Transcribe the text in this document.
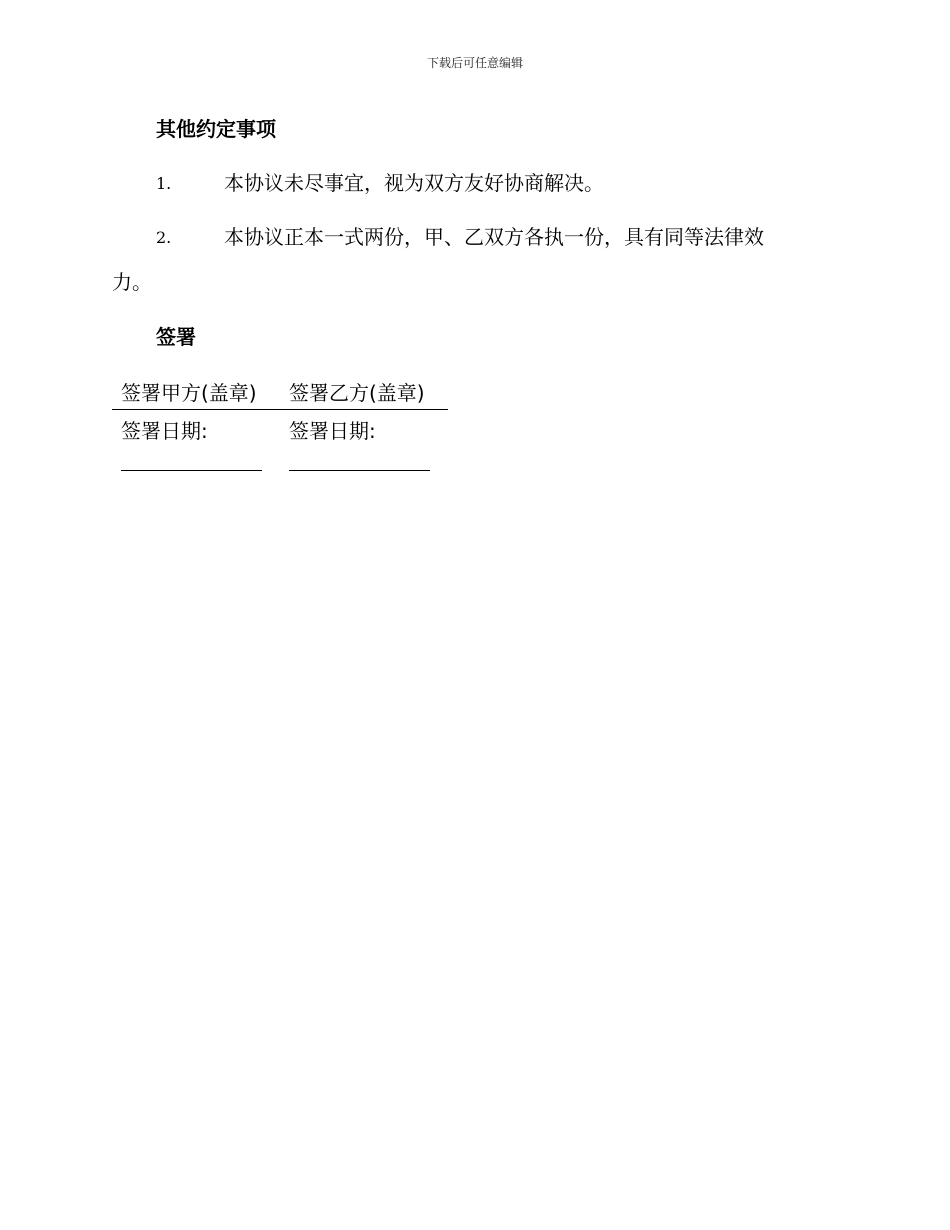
下载后可任意编辑
其他约定事项
1.	本协议未尽事宜，视为双方友好协商解决。
2.	本协议正本一式两份，甲、乙双方各执一份，具有同等法律效
力。
签署
签署甲方(盖章)	签署乙方(盖章)
签署日期:	签署日期:
